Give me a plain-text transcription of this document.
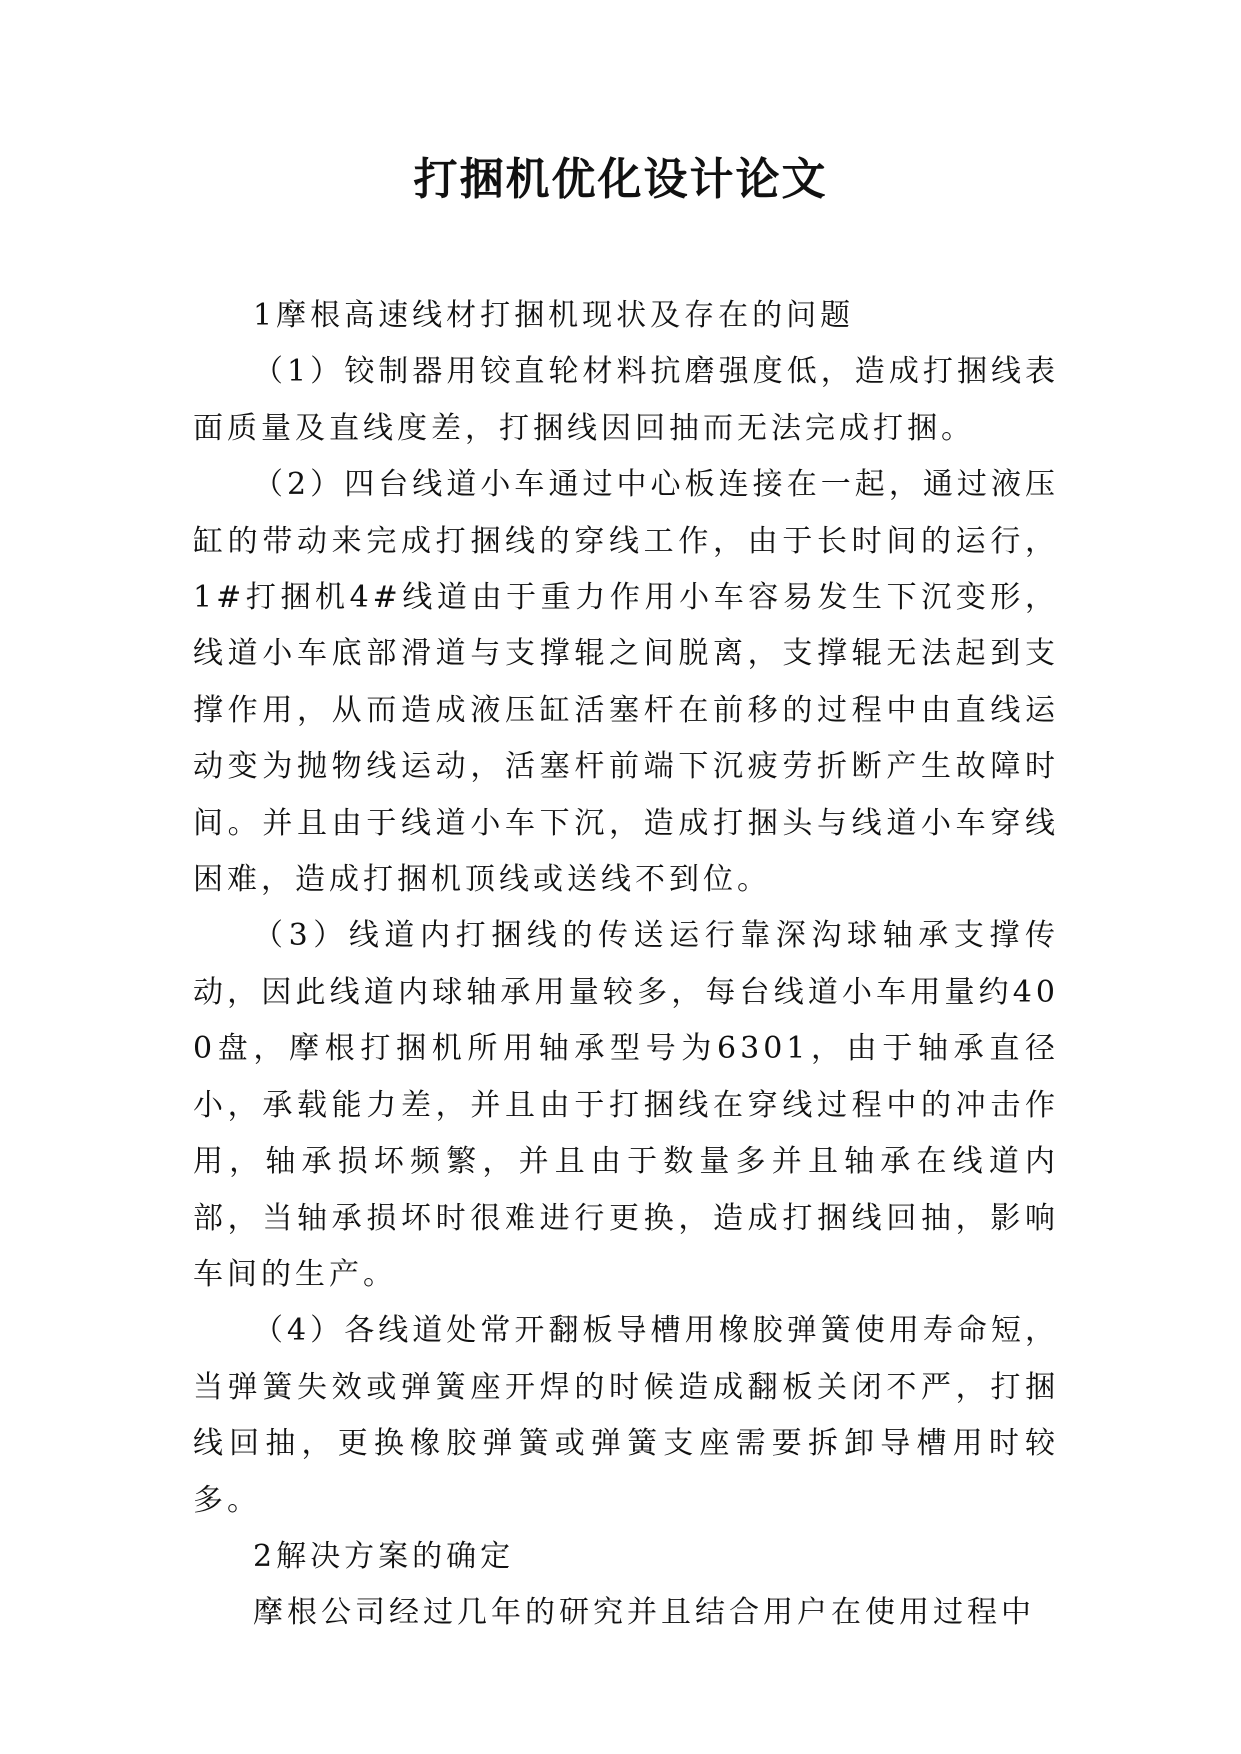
打捆机优化设计论文

1摩根高速线材打捆机现状及存在的问题

（1）铰制器用铰直轮材料抗磨强度低，造成打捆线表面质量及直线度差，打捆线因回抽而无法完成打捆。

（2）四台线道小车通过中心板连接在一起，通过液压缸的带动来完成打捆线的穿线工作，由于长时间的运行，1#打捆机4#线道由于重力作用小车容易发生下沉变形，线道小车底部滑道与支撑辊之间脱离，支撑辊无法起到支撑作用，从而造成液压缸活塞杆在前移的过程中由直线运动变为抛物线运动，活塞杆前端下沉疲劳折断产生故障时间。并且由于线道小车下沉，造成打捆头与线道小车穿线困难，造成打捆机顶线或送线不到位。

（3）线道内打捆线的传送运行靠深沟球轴承支撑传动，因此线道内球轴承用量较多，每台线道小车用量约400盘，摩根打捆机所用轴承型号为6301，由于轴承直径小，承载能力差，并且由于打捆线在穿线过程中的冲击作用，轴承损坏频繁，并且由于数量多并且轴承在线道内部，当轴承损坏时很难进行更换，造成打捆线回抽，影响车间的生产。

（4）各线道处常开翻板导槽用橡胶弹簧使用寿命短，当弹簧失效或弹簧座开焊的时候造成翻板关闭不严，打捆线回抽，更换橡胶弹簧或弹簧支座需要拆卸导槽用时较多。

2解决方案的确定

摩根公司经过几年的研究并且结合用户在使用过程中
